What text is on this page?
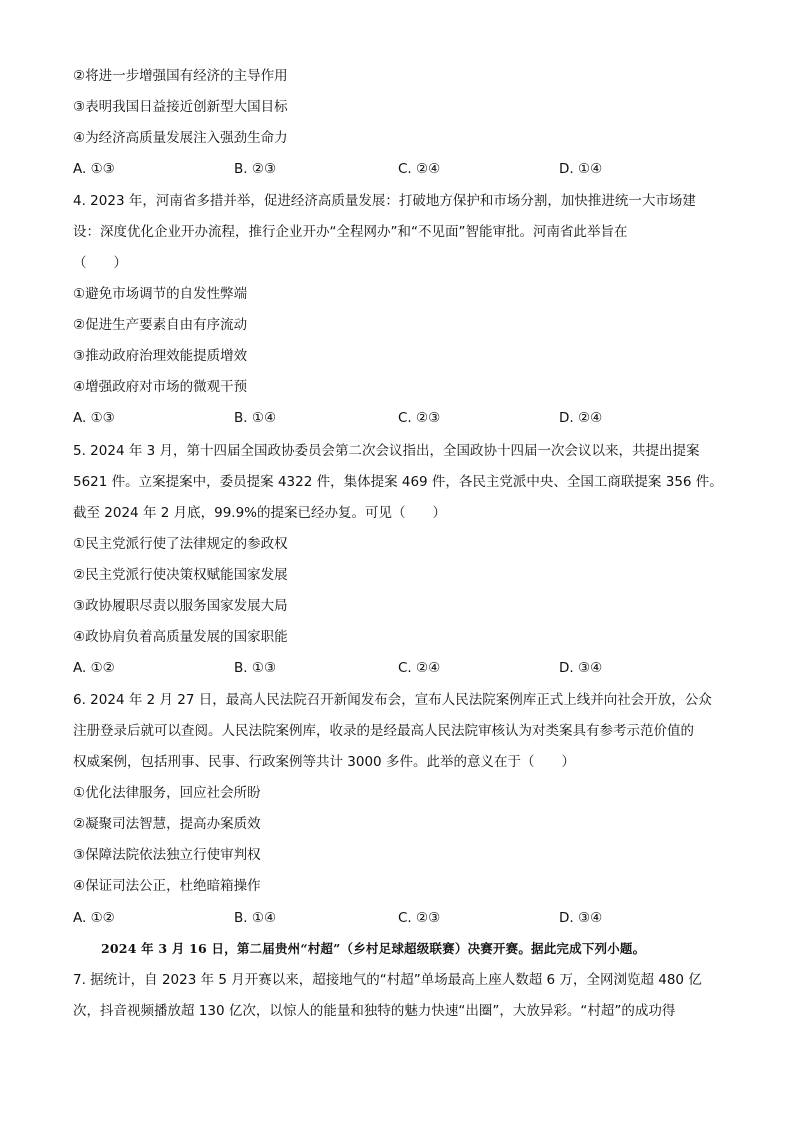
②将进一步增强国有经济的主导作用
③表明我国日益接近创新型大国目标
④为经济高质量发展注入强劲生命力
A. ①③	B. ②③	C. ②④	D. ①④
4. 2023 年，河南省多措并举，促进经济高质量发展：打破地方保护和市场分割，加快推进统一大市场建
设：深度优化企业开办流程，推行企业开办“全程网办”和“不见面”智能审批。河南省此举旨在
（　　）
①避免市场调节的自发性弊端
②促进生产要素自由有序流动
③推动政府治理效能提质增效
④增强政府对市场的微观干预
A. ①③	B. ①④	C. ②③	D. ②④
5. 2024 年 3 月，第十四届全国政协委员会第二次会议指出，全国政协十四届一次会议以来，共提出提案
5621 件。立案提案中，委员提案 4322 件，集体提案 469 件，各民主党派中央、全国工商联提案 356 件。
截至 2024 年 2 月底，99.9%的提案已经办复。可见（　　）
①民主党派行使了法律规定的参政权
②民主党派行使决策权赋能国家发展
③政协履职尽责以服务国家发展大局
④政协肩负着高质量发展的国家职能
A. ①②	B. ①③	C. ②④	D. ③④
6. 2024 年 2 月 27 日，最高人民法院召开新闻发布会，宣布人民法院案例库正式上线并向社会开放，公众
注册登录后就可以查阅。人民法院案例库，收录的是经最高人民法院审核认为对类案具有参考示范价值的
权威案例，包括刑事、民事、行政案例等共计 3000 多件。此举的意义在于（　　）
①优化法律服务，回应社会所盼
②凝聚司法智慧，提高办案质效
③保障法院依法独立行使审判权
④保证司法公正，杜绝暗箱操作
A. ①②	B. ①④	C. ②③	D. ③④
2024 年 3 月 16 日，第二届贵州“村超”（乡村足球超级联赛）决赛开赛。据此完成下列小题。
7. 据统计，自 2023 年 5 月开赛以来，超接地气的“村超”单场最高上座人数超 6 万，全网浏览超 480 亿
次，抖音视频播放超 130 亿次，以惊人的能量和独特的魅力快速“出圈”，大放异彩。“村超”的成功得
